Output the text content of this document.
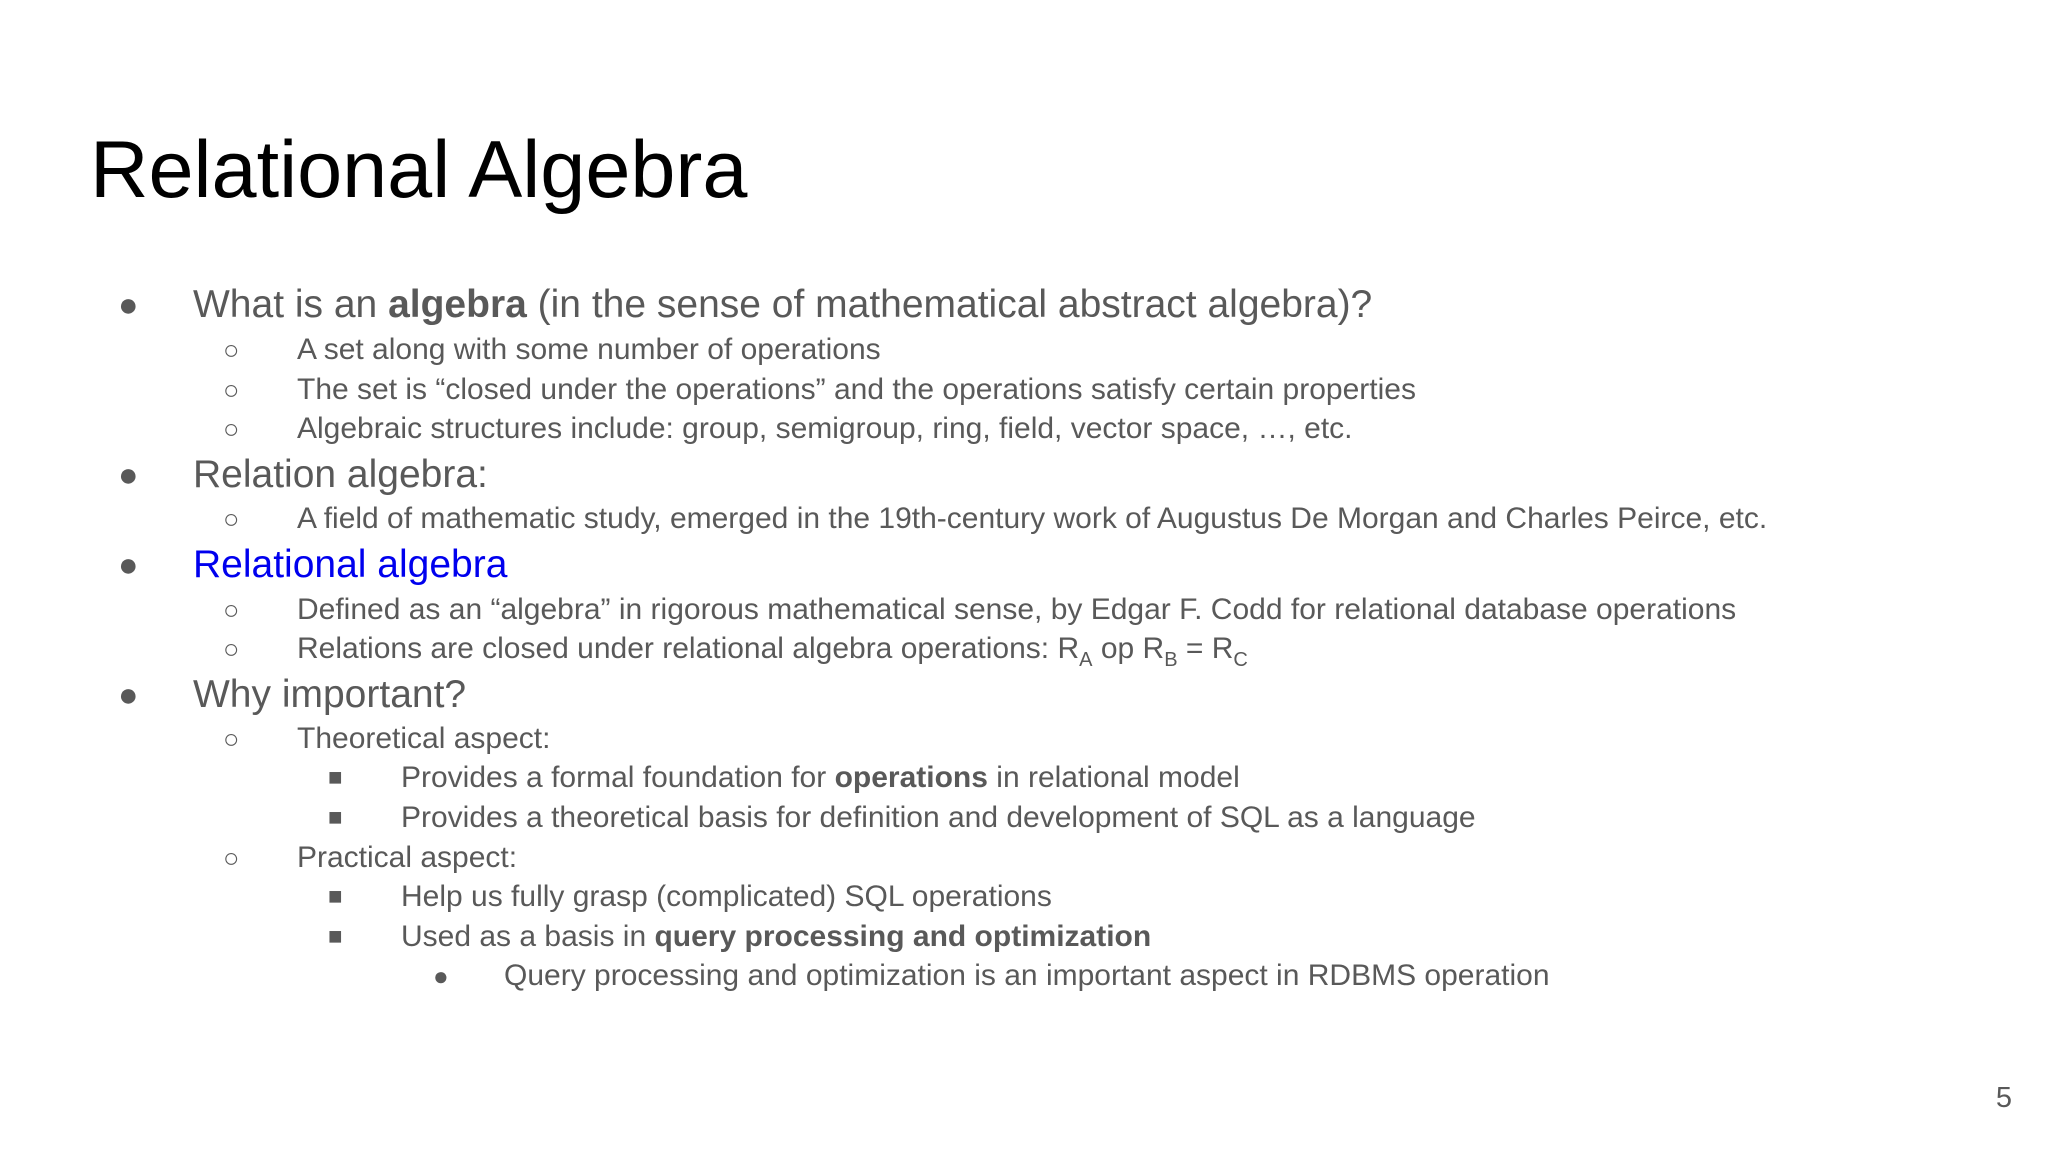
Relational Algebra
● What is an algebra (in the sense of mathematical abstract algebra)?
○ A set along with some number of operations
○ The set is “closed under the operations” and the operations satisfy certain properties
○ Algebraic structures include: group, semigroup, ring, field, vector space, …, etc.
● Relation algebra:
○ A field of mathematic study, emerged in the 19th-century work of Augustus De Morgan and Charles Peirce, etc.
● Relational algebra
○ Defined as an “algebra” in rigorous mathematical sense, by Edgar F. Codd for relational database operations
○ Relations are closed under relational algebra operations: $R_A$ op $R_B = R_C$
● Why important?
○ Theoretical aspect:
■ Provides a formal foundation for operations in relational model
■ Provides a theoretical basis for definition and development of SQL as a language
○ Practical aspect:
■ Help us fully grasp (complicated) SQL operations
■ Used as a basis in query processing and optimization
● Query processing and optimization is an important aspect in RDBMS operation
5
